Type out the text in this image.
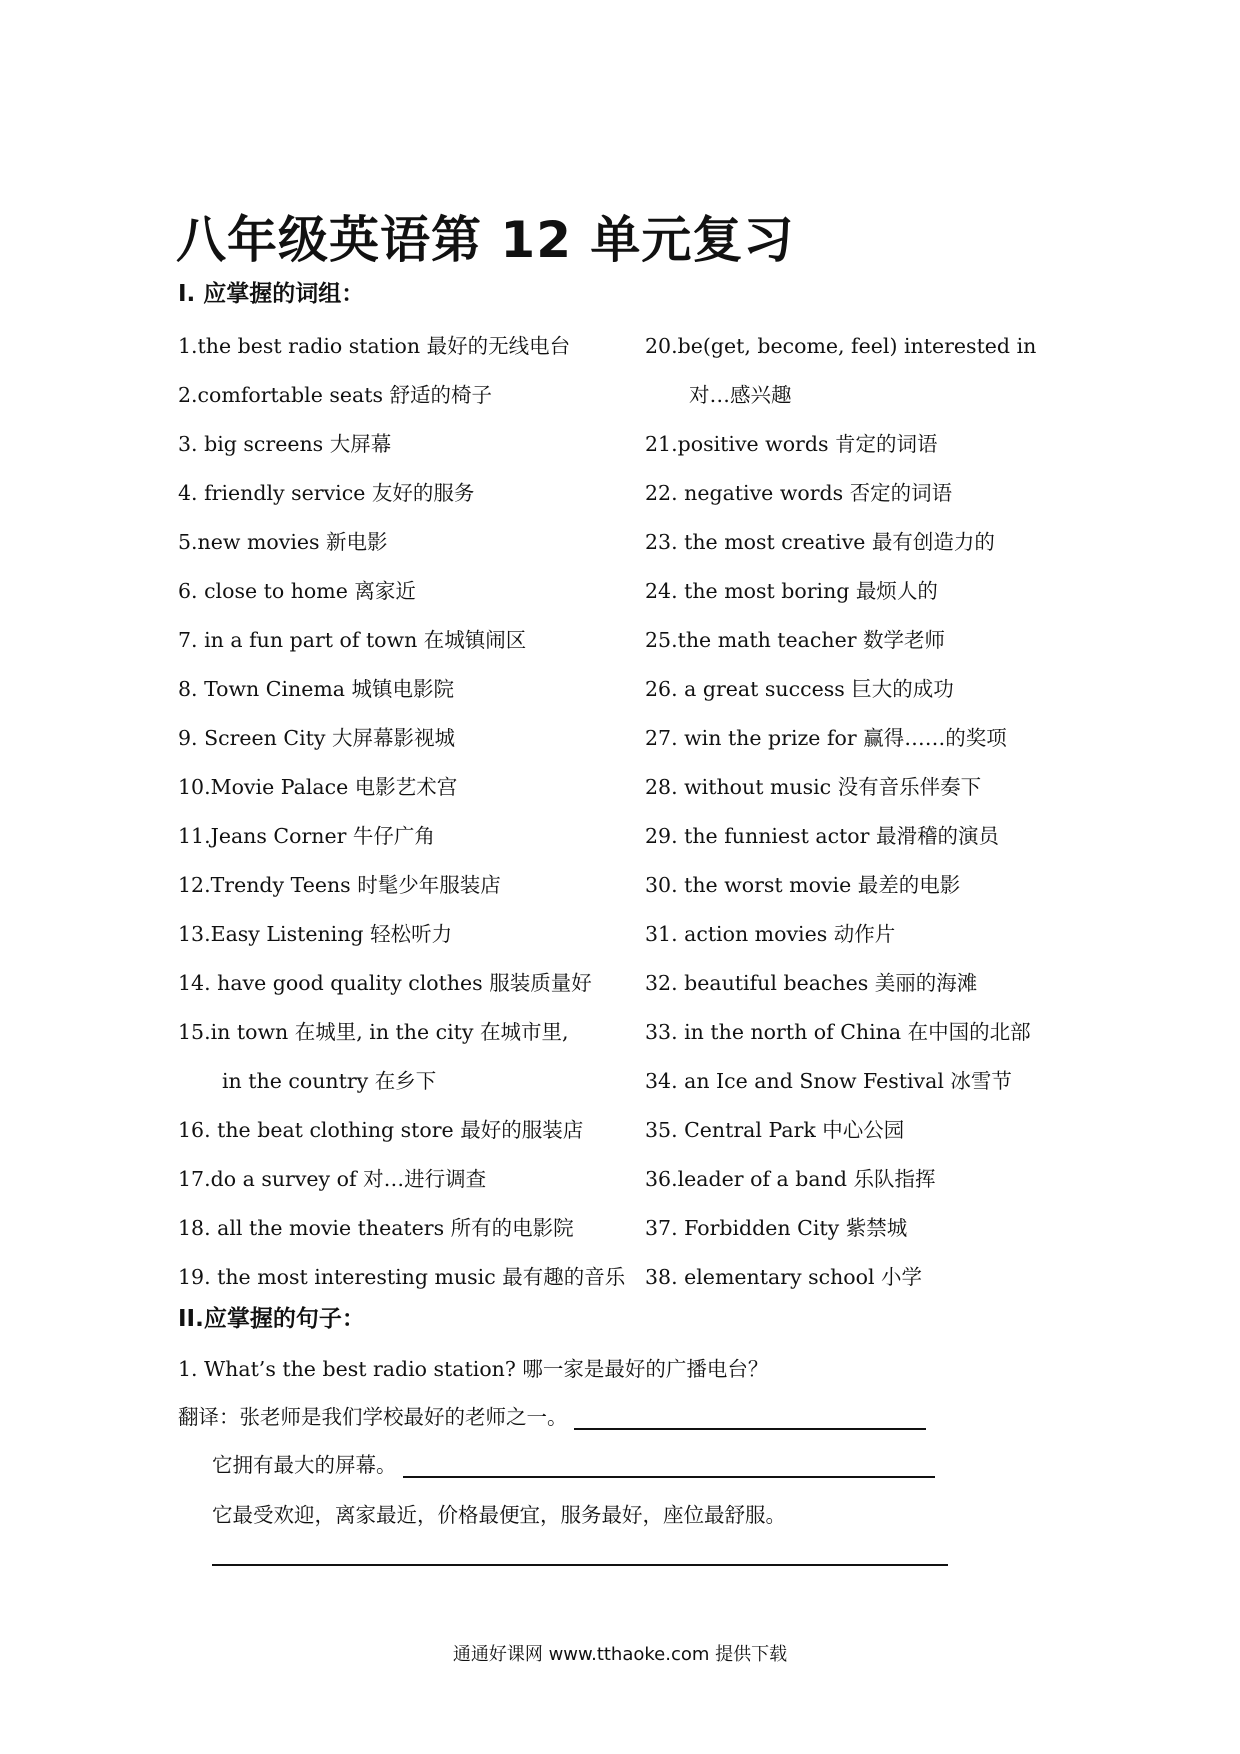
八年级英语第 12 单元复习
I. 应掌握的词组：
1.the best radio station 最好的无线电台
2.comfortable seats 舒适的椅子
3. big screens 大屏幕
4. friendly service 友好的服务
5.new movies 新电影
6. close to home 离家近
7. in a fun part of town 在城镇闹区
8. Town Cinema 城镇电影院
9. Screen City 大屏幕影视城
10.Movie Palace 电影艺术宫
11.Jeans Corner 牛仔广角
12.Trendy Teens 时髦少年服装店
13.Easy Listening 轻松听力
14. have good quality clothes 服装质量好
15.in town 在城里, in the city 在城市里,
in the country 在乡下
16. the beat clothing store 最好的服装店
17.do a survey of 对…进行调查
18. all the movie theaters 所有的电影院
19. the most interesting music 最有趣的音乐
20.be(get, become, feel) interested in
对…感兴趣
21.positive words 肯定的词语
22. negative words 否定的词语
23. the most creative 最有创造力的
24. the most boring 最烦人的
25.the math teacher 数学老师
26. a great success 巨大的成功
27. win the prize for 赢得……的奖项
28. without music 没有音乐伴奏下
29. the funniest actor 最滑稽的演员
30. the worst movie 最差的电影
31. action movies 动作片
32. beautiful beaches 美丽的海滩
33. in the north of China 在中国的北部
34. an Ice and Snow Festival 冰雪节
35. Central Park 中心公园
36.leader of a band 乐队指挥
37. Forbidden City 紫禁城
38. elementary school 小学
II.应掌握的句子：
1. What’s the best radio station? 哪一家是最好的广播电台？
翻译：张老师是我们学校最好的老师之一。
它拥有最大的屏幕。
它最受欢迎，离家最近，价格最便宜，服务最好，座位最舒服。
通通好课网 www.tthaoke.com 提供下载
